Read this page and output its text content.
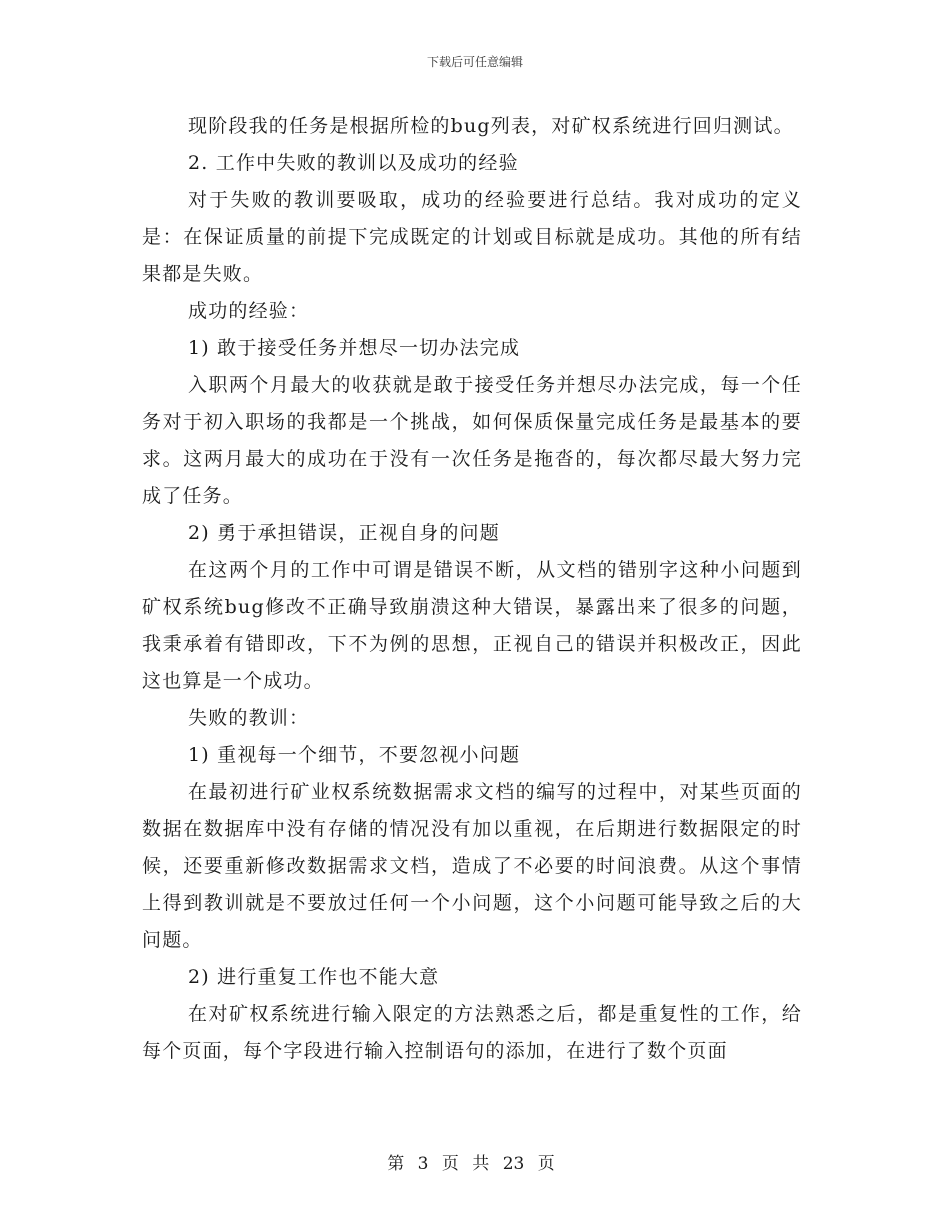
下载后可任意编辑

现阶段我的任务是根据所检的bug列表，对矿权系统进行回归测试。

2. 工作中失败的教训以及成功的经验

对于失败的教训要吸取，成功的经验要进行总结。我对成功的定义是：在保证质量的前提下完成既定的计划或目标就是成功。其他的所有结果都是失败。

成功的经验：

1) 敢于接受任务并想尽一切办法完成

入职两个月最大的收获就是敢于接受任务并想尽办法完成，每一个任务对于初入职场的我都是一个挑战，如何保质保量完成任务是最基本的要求。这两月最大的成功在于没有一次任务是拖沓的，每次都尽最大努力完成了任务。

2) 勇于承担错误，正视自身的问题

在这两个月的工作中可谓是错误不断，从文档的错别字这种小问题到矿权系统bug修改不正确导致崩溃这种大错误，暴露出来了很多的问题，我秉承着有错即改，下不为例的思想，正视自己的错误并积极改正，因此这也算是一个成功。

失败的教训：

1) 重视每一个细节，不要忽视小问题

在最初进行矿业权系统数据需求文档的编写的过程中，对某些页面的数据在数据库中没有存储的情况没有加以重视，在后期进行数据限定的时候，还要重新修改数据需求文档，造成了不必要的时间浪费。从这个事情上得到教训就是不要放过任何一个小问题，这个小问题可能导致之后的大问题。

2) 进行重复工作也不能大意

在对矿权系统进行输入限定的方法熟悉之后，都是重复性的工作，给每个页面，每个字段进行输入控制语句的添加，在进行了数个页面

第 3 页 共 23 页
